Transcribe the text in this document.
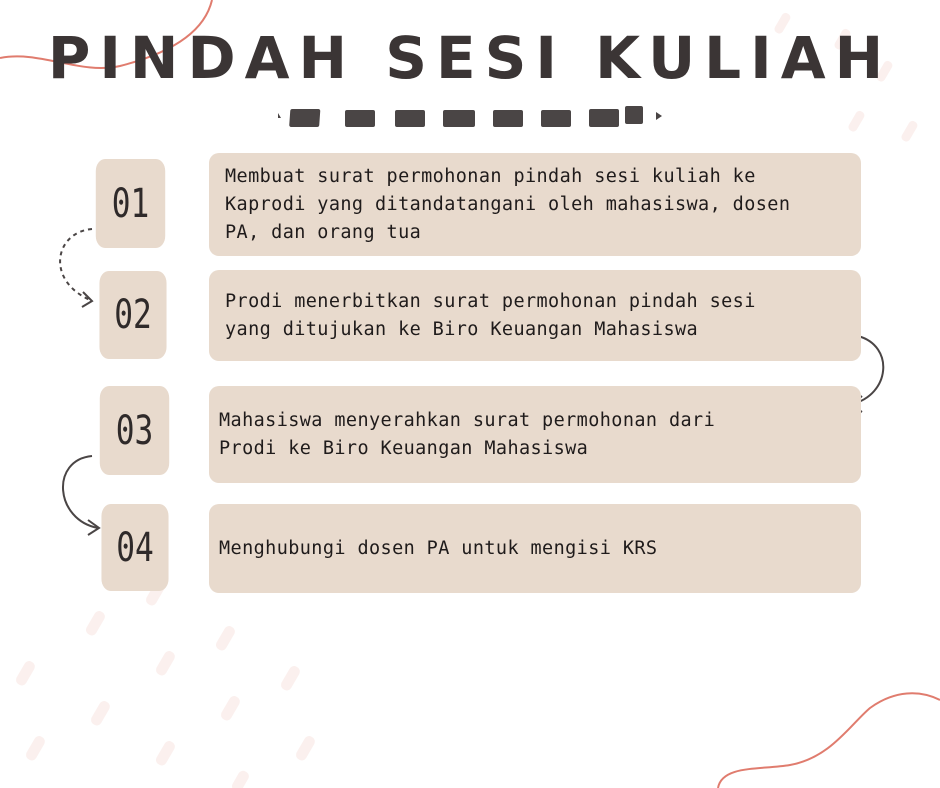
PINDAH SESI KULIAH
01
Membuat surat permohonan pindah sesi kuliah ke
Kaprodi yang ditandatangani oleh mahasiswa, dosen
PA, dan orang tua
02	Prodi menerbitkan surat permohonan pindah sesi
yang ditujukan ke Biro Keuangan Mahasiswa
03	Mahasiswa menyerahkan surat permohonan dari
Prodi ke Biro Keuangan Mahasiswa
04	Menghubungi dosen PA untuk mengisi KRS
